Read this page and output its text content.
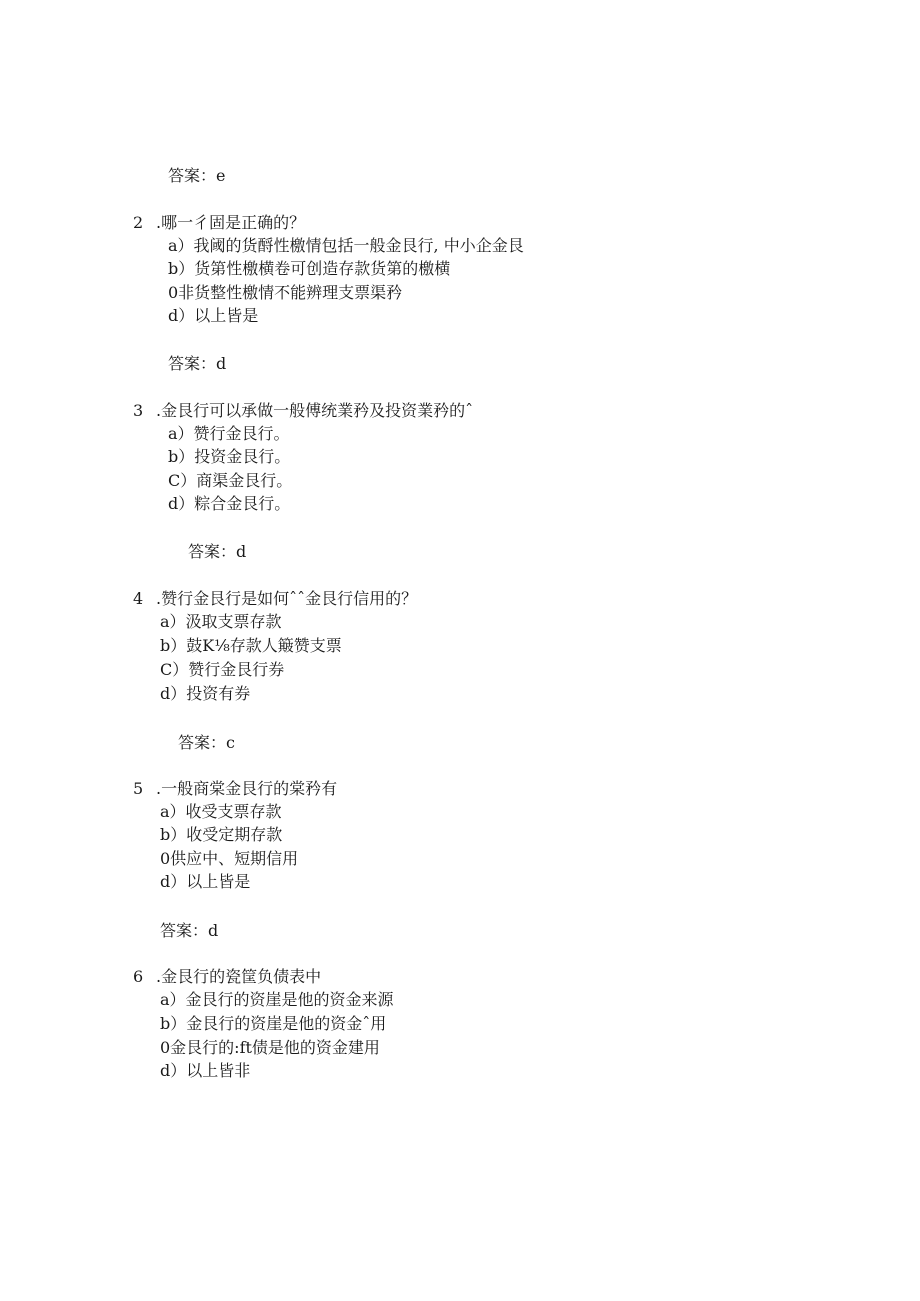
答案：e
2 .哪一彳固是正确的？
a）我阈的货酹性檄情包括一般金艮行, 中小企金艮
b）货第性檄横卷可创造存款货第的檄横
0非货整性檄情不能辨理支票渠矜
d）以上皆是
答案：d
3 .金艮行可以承做一般傅统業矜及投资業矜的ˆ
a）赞行金艮行。
b）投资金艮行。
C）商渠金艮行。
d）粽合金艮行。
答案：d
4 .赞行金艮行是如何ˆˆ金艮行信用的？
a）汲取支票存款
b）鼓K⅛存款人簸赞支票
C）赞行金艮行券
d）投资有券
答案：c
5 .一般商棠金艮行的棠矜有
a）收受支票存款
b）收受定期存款
0供应中、短期信用
d）以上皆是
答案：d
6 .金艮行的瓷筐负债表中
a）金艮行的资崖是他的资金来源
b）金艮行的资崖是他的资金ˆ用
0金艮行的:ft债是他的资金建用
d）以上皆非
